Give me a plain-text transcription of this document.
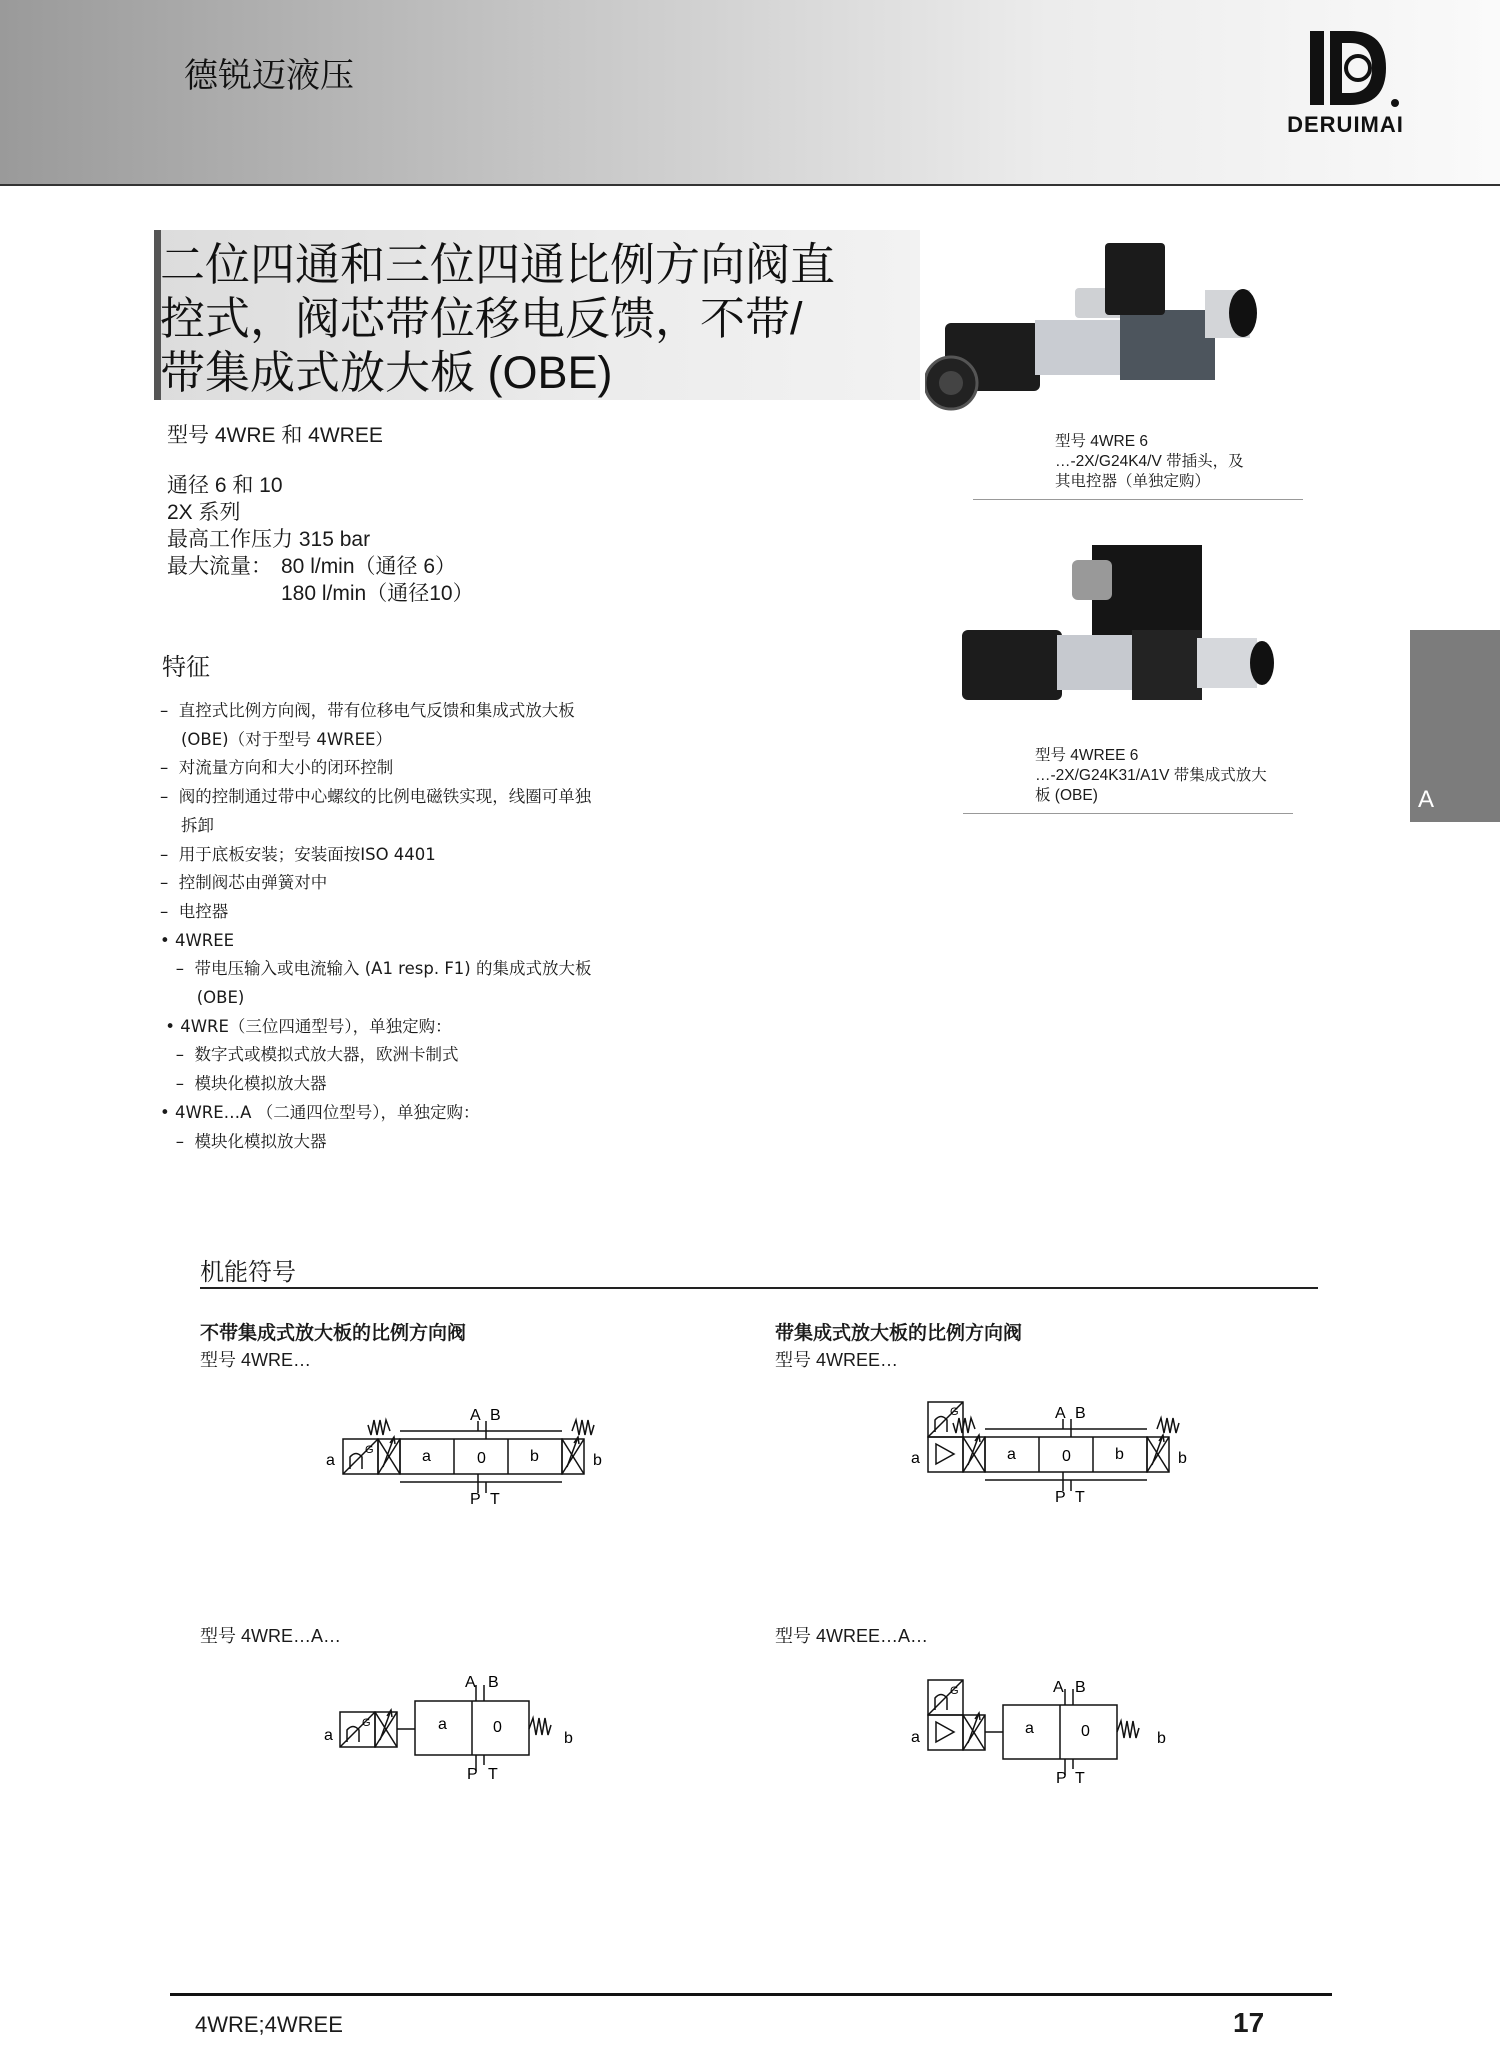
德锐迈液压
DERUIMAI
二位四通和三位四通比例方向阀直
控式，阀芯带位移电反馈，不带/
带集成式放大板 (OBE)
型号 4WRE 和 4WREE
通径 6 和 10
2X 系列
最高工作压力 315 bar
最大流量： 80 l/min（通径 6）
180 l/min（通径10）
特征
–  直控式比例方向阀，带有位移电气反馈和集成式放大板
(OBE)（对于型号 4WREE）
–  对流量方向和大小的闭环控制
–  阀的控制通过带中心螺纹的比例电磁铁实现，线圈可单独
拆卸
–  用于底板安装；安装面按ISO 4401
–  控制阀芯由弹簧对中
–  电控器
• 4WREE
–  带电压输入或电流输入 (A1 resp. F1) 的集成式放大板
(OBE)
• 4WRE（三位四通型号），单独定购：
–  数字式或模拟式放大器，欧洲卡制式
–  模块化模拟放大器
• 4WRE…A （二通四位型号），单独定购：
–  模块化模拟放大器
型号 4WRE 6
…-2X/G24K4/V 带插头，及
其电控器（单独定购）
型号 4WREE 6
…-2X/G24K31/A1V 带集成式放大
板 (OBE)	A
机能符号
不带集成式放大板的比例方向阀
型号 4WRE…
带集成式放大板的比例方向阀
型号 4WREE…
型号 4WRE…A…	型号 4WREE…A…
A B
P T
a	0	b
a	b
G
A B
P T
a	0	b
a	b
G
A B
P T
a	0
a	b
G
A B
P T
a	0
a	b
G
4WRE;4WREE	17
